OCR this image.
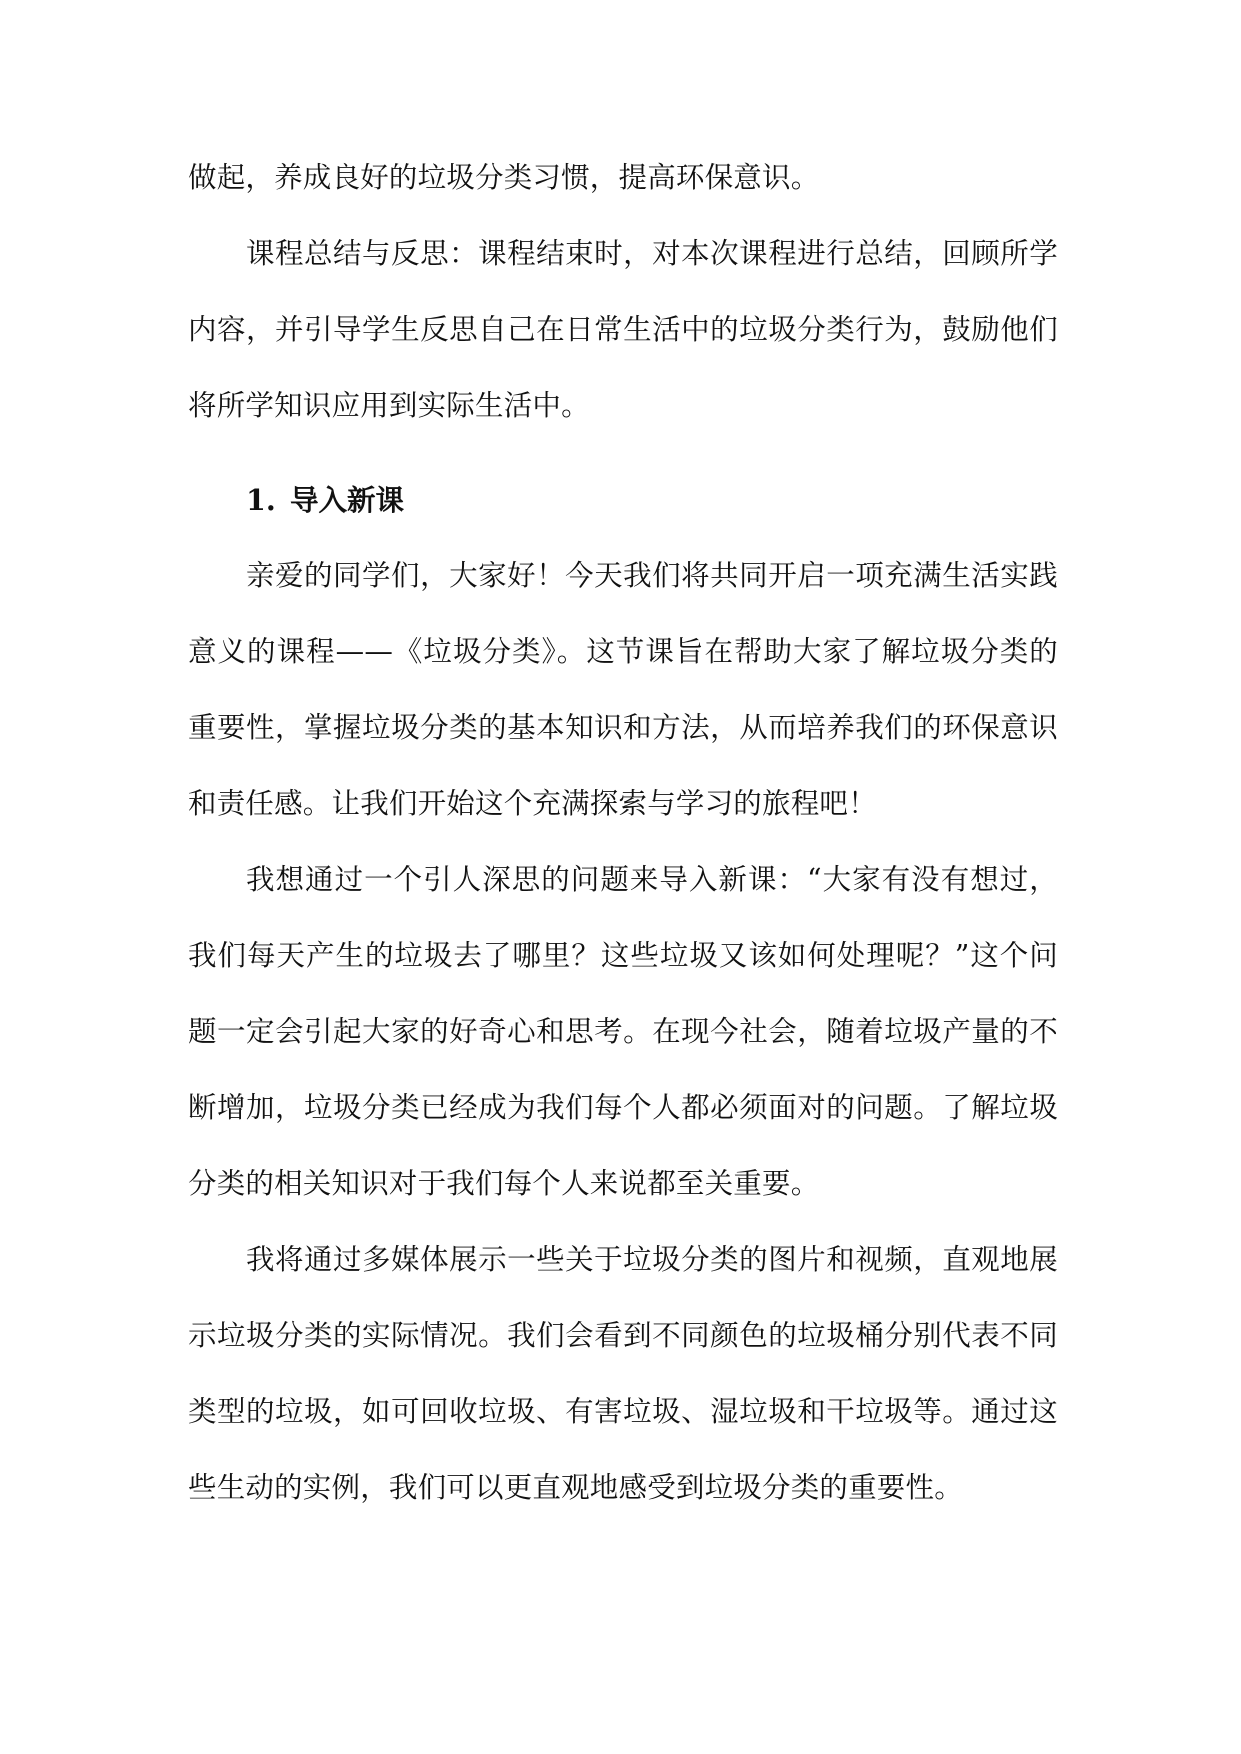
做起，养成良好的垃圾分类习惯，提高环保意识。
课程总结与反思：课程结束时，对本次课程进行总结，回顾所学
内容，并引导学生反思自己在日常生活中的垃圾分类行为，鼓励他们
将所学知识应用到实际生活中。
1. 导入新课
亲爱的同学们，大家好！今天我们将共同开启一项充满生活实践
意义的课程——《垃圾分类》。这节课旨在帮助大家了解垃圾分类的
重要性，掌握垃圾分类的基本知识和方法，从而培养我们的环保意识
和责任感。让我们开始这个充满探索与学习的旅程吧！
我想通过一个引人深思的问题来导入新课：“大家有没有想过，
我们每天产生的垃圾去了哪里？这些垃圾又该如何处理呢？”这个问
题一定会引起大家的好奇心和思考。在现今社会，随着垃圾产量的不
断增加，垃圾分类已经成为我们每个人都必须面对的问题。了解垃圾
分类的相关知识对于我们每个人来说都至关重要。
我将通过多媒体展示一些关于垃圾分类的图片和视频，直观地展
示垃圾分类的实际情况。我们会看到不同颜色的垃圾桶分别代表不同
类型的垃圾，如可回收垃圾、有害垃圾、湿垃圾和干垃圾等。通过这
些生动的实例，我们可以更直观地感受到垃圾分类的重要性。
